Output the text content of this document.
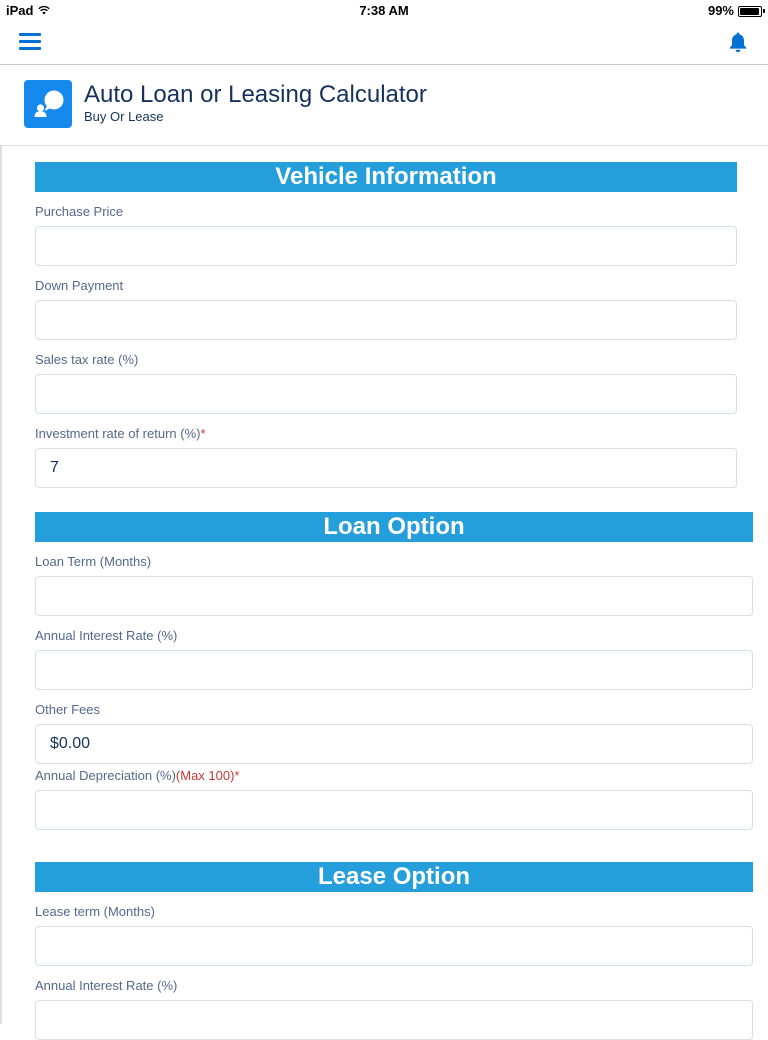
iPad	7:38 AM	99%
Auto Loan or Leasing Calculator
Buy Or Lease
Vehicle Information
Purchase Price
Down Payment
Sales tax rate (%)
Investment rate of return (%)*
7
Loan Option
Loan Term (Months)
Annual Interest Rate (%)
Other Fees
$0.00
Annual Depreciation (%)(Max 100)*
Lease Option
Lease term (Months)
Annual Interest Rate (%)
